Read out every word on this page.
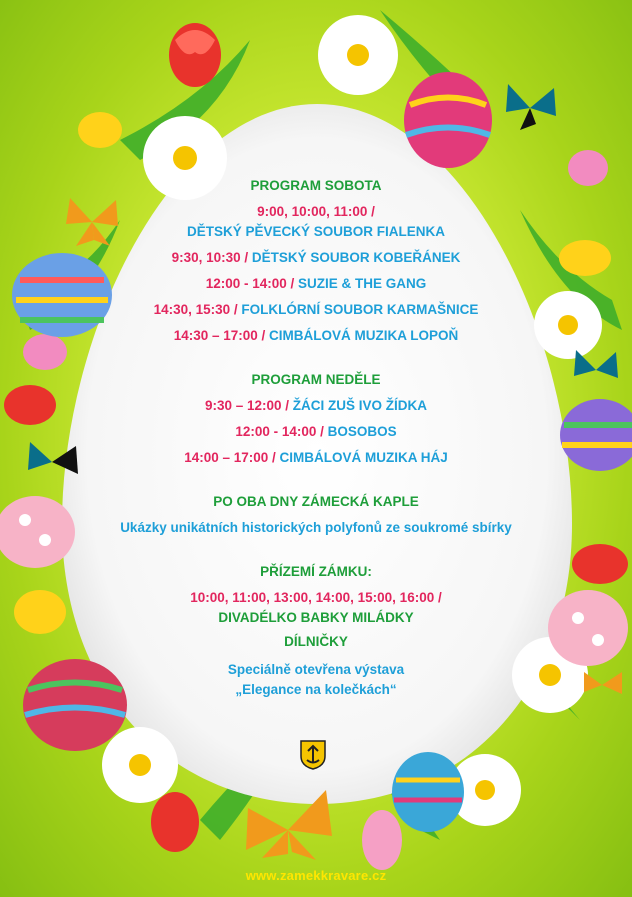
PROGRAM SOBOTA
9:00, 10:00, 11:00 /
DĚTSKÝ PĚVECKÝ SOUBOR FIALENKA
9:30, 10:30 / DĚTSKÝ SOUBOR KOBEŘÁNEK
12:00 - 14:00 / SUZIE & THE GANG
14:30, 15:30 / FOLKLÓRNÍ SOUBOR KARMAŠNICE
14:30 – 17:00 / CIMBÁLOVÁ MUZIKA LOPOŇ
PROGRAM NEDĚLE
9:30 – 12:00 / ŽÁCI ZUŠ IVO ŽÍDKA
12:00 - 14:00 / BOSOBOS
14:00 – 17:00 / CIMBÁLOVÁ MUZIKA HÁJ
PO OBA DNY ZÁMECKÁ KAPLE
Ukázky unikátních historických polyfonů ze soukromé sbírky
PŘÍZEMÍ ZÁMKU:
10:00, 11:00, 13:00, 14:00, 15:00, 16:00 /
DIVADÉLKO BABKY MILÁDKY
DÍLNIČKY
Speciálně otevřena výstava
„Elegance na kolečkách“
www.zamekkravare.cz
